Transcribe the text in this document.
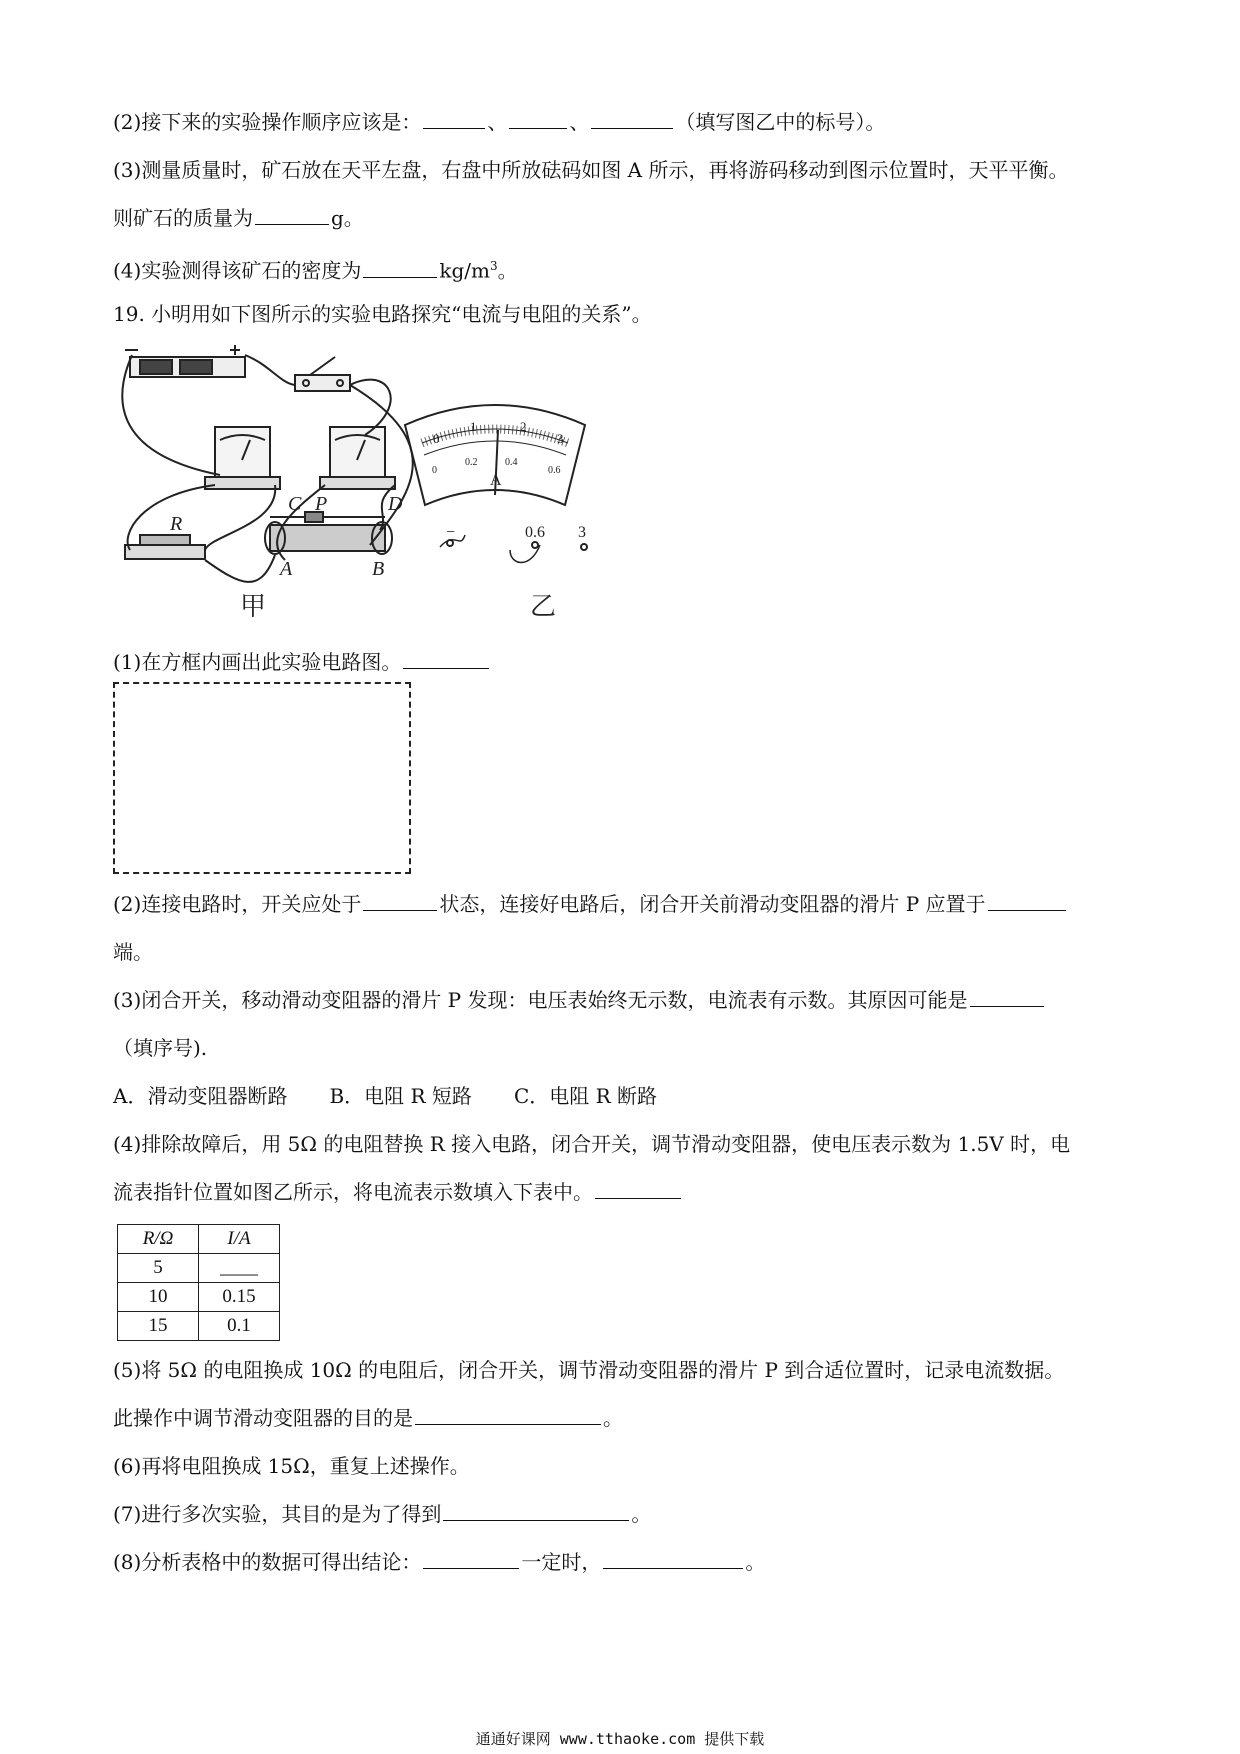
(2)接下来的实验操作顺序应该是：	、	、	（填写图乙中的标号）。
(3)测量质量时，矿石放在天平左盘，右盘中所放砝码如图 A 所示，再将游码移动到图示位置时，天平平衡。
则矿石的质量为	g。
(4)实验测得该矿石的密度为	$kg/m^3$。
19. 小明用如下图所示的实验电路探究“电流与电阻的关系”。
0
1	2
3
0
0.2	0.4
0.6
A
−	0.6 3
R
C P	D
A	B
甲	乙
(1)在方框内画出此实验电路图。
(2)连接电路时，开关应处于	状态，连接好电路后，闭合开关前滑动变阻器的滑片 P 应置于
端。
(3)闭合开关，移动滑动变阻器的滑片 P 发现：电压表始终无示数，电流表有示数。其原因可能是
（填序号).
A．滑动变阻器断路 B．电阻 R 短路 C．电阻 R 断路
(4)排除故障后，用 5Ω 的电阻替换 R 接入电路，闭合开关，调节滑动变阻器，使电压表示数为 1.5V 时，电
流表指针位置如图乙所示，将电流表示数填入下表中。
R/Ω	I/A
5	____
10	0.15
15	0.1
(5)将 5Ω 的电阻换成 10Ω 的电阻后，闭合开关，调节滑动变阻器的滑片 P 到合适位置时，记录电流数据。
此操作中调节滑动变阻器的目的是	。
(6)再将电阻换成 15Ω，重复上述操作。
(7)进行多次实验，其目的是为了得到	。
(8)分析表格中的数据可得出结论：	一定时，	。
通通好课网 www.tthaoke.com 提供下载
